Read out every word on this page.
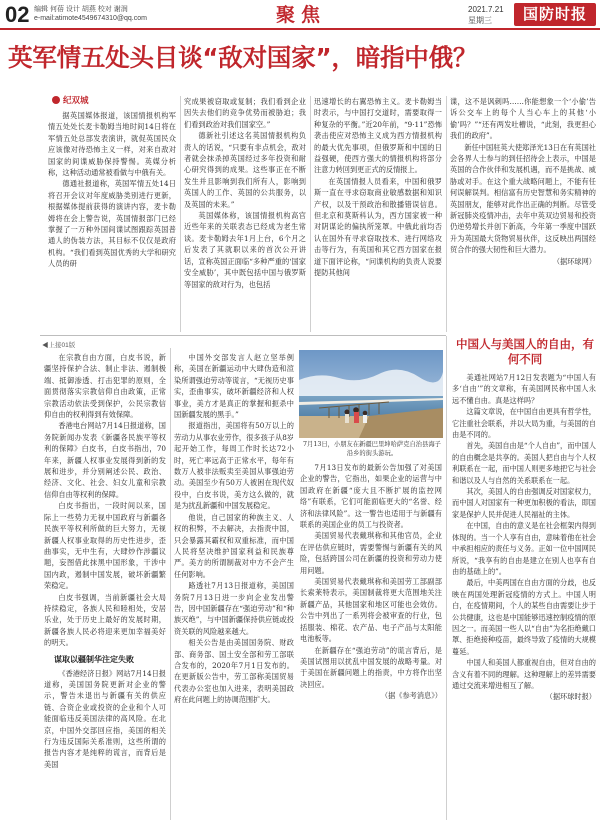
02 编辑 何蓓 设计 胡燕 校对 谢润
e-mail:atimote4549674310@qq.com	聚焦	2021.7.21
星期三	国防时报
英军情五处头目谈“敌对国家”，暗指中俄？
纪双城

据英国媒体报道，该国情报机构军情五处处长麦卡勒姆当地时间14日将在军情五处总部发表演讲，就促英国民众应该像对待恐怖主义一样，对来自敌对国家的间谍威胁保持警惕。英媒分析称，这种活动通常被看做与中俄有关。

德通社报道称，英国军情五处14日将召开会议对年度威胁类别进行更新，根据媒体提前获得的演讲内容，麦卡勒姆将在会上警告说，英国情报部门已经掌握了一万种外国间谍试图跟踪英国普通人的伪装方法，其目标不仅仅是政府机构。“我们看到英国优秀的大学和研究人员的研

究成果被窃取或复制；我们看到企业因失去他们的竞争优势而被胁迫；我们看到政治对我们国家空。”

德新社引述这名英国情报机构负责人的话说，“只要有非点机会，敌对者就会抹杀掉英国经过多年投资和耐心研究得到的成果。这些事正在不断发生并且影响到我们所有人，影响到英国人的工作、英国的公共服务，以及英国的未来。”

英国媒体称，该国情报机构高官近些年来的关联表态已经成为老生常谈。麦卡勒姆去年1月上台，6个月之后发表了其就职以来的首次公开讲话，宣称英国正面临“多种严重的‘国家安全威胁’，其中既包括中国与俄罗斯等国家的敌对行为，也包括

迅速增长的右翼恐怖主义。麦卡勒姆当时表示，与中国打交道时，需要取得一种复杂的平衡。”近20年前，“9·11”恐怖袭击使应对恐怖主义成为西方情报机构的最大优先事项，但俄罗斯和中国的日益强硬，使西方强大的情报机构将部分注意力转回到更正式的反情报上。

在英国情报人员看来，中国和俄罗斯一直在寻求窃取商业敏感数据和知识产权，以及干预政治和散播错误信息。但北京和莫斯科认为，西方国家被一种对阴谋论的偏执所笼罩。中俄此前均否认在国外有寻求窃取技术、进行网络攻击等行为，有英国和其它西方国家在报道下面评论称，“问谍机构的负责人说要提防其他间

谍，这不是讽刺吗……你能想象一个‘小偷’告诉公交车上的每个人当心车上的其他‘小偷’吗？”“还有两发吐槽说，“此刻，我更担心我们的政府”。

新任中国驻英大使郑泽光13日在有英国社会各界人士参与的到任招待会上表示，中国是英国的合作伙伴和发展机遇，而不是挑战、威胁或对手。在这个重大战略问题上，不能有任何误解误判。相信富有历史智慧和务实精神的英国朋友，能够对此作出正确的判断。尽管受新冠肺炎疫情冲击，去年中英双边贸易和投资仍逆势增长并创下新高，今年第一季度中国跃升为英国最大货物贸易伙伴，这反映出两国经贸合作的强大韧性和巨大潜力。

（据环球网）

◀上接01版

在宗教自由方面，白皮书说，新疆坚持保护合法、制止非法、遏制极端、抵御渗透、打击犯罪的原则，全面贯彻落实宗教信仰自由政策，正常宗教活动依法受到保护，公民宗教信仰自由的权利得到有效保障。

香港电台网站7月14日报道称，国务院新闻办发表《新疆各民族平等权利的保障》白皮书，白皮书指出，70年来，新疆人权事业发展得到新的发展和进步，并分别阐述公民、政治、经济、文化、社会、妇女儿童和宗教信仰自由等权利的保障。

白皮书指出，一段时间以来，国际上一些势力无视中国政府与新疆各民族平等权利所做的巨大努力，无视新疆人权事业取得的历史性进步，歪曲事实，无中生有，大肆炒作涉疆议题，妄图借此抹黑中国形象，干涉中国内政，遏制中国发展，破坏新疆繁荣稳定。

白皮书强调，当前新疆社会大局持续稳定，各族人民和睦相处，安居乐业，处于历史上最好的发展时期，新疆各族人民必将迎来更加幸福美好的明天。

谋取以疆制华注定失败

《香港经济日报》网站7月14日报道称，美国国务院更新对企业的警示，警告未退出与新疆有关的供应链、合资企业或投资的企业和个人可能面临违反美国法律的高风险。在北京，中国外交部回应指，美国的相关行为违反国际关系准则，这些所谓的报告内容才是纯粹的谎言，而背后是美国

中国外交部发言人赵立坚举例称，美国在新疆运动中大肆伪造和渲染所谓强迫劳动等谎言，“无视历史事实，歪曲事实，破坏新疆经济和人权事业，美方才是真正的掌握和扼杀中国新疆发展的黑手。”

报道指出，美国将有50万以上的劳动力从事农业劳作，很多孩子从8岁起开始工作，每周工作时长达72小时，死亡率远高于正常水平，每年有数万人被非法贩卖至美国从事强迫劳动。美国至少有50万人被困在现代奴役中，白皮书说，美方这么做的，就是为扰乱新疆和中国发展稳定。

他说，自己国家的种族主义、人权的积弊，不去解决，去指责中国，只会暴露其霸权和双重标准，而中国人民将坚决维护国家利益和民族尊严。美方的所谓制裁对中方不会产生任何影响。

路透社7月13日报道称，美国国务院7月13日进一步向企业发出警告，因中国新疆存在“强迫劳动”和“种族灭绝”，与中国新疆保持供应链或投资关联的风险越来越大。

相关公告是由美国国务院、财政部、商务部、国土安全部和劳工部联合发布的，2020年7月1日发布的。在更新版公告中，劳工部称美国贸易代表办公室也加入进来，表明美国政府在此问题上的协调范围扩大。

7月13日，小朋友在新疆巴里坤哈萨克自治县海子沿乡的街头游玩。

7月13日发布的最新公告加强了对美国企业的警告，它指出，如果企业的运营与中国政府在新疆“庞大且不断扩展的监控网络”有联系，它们可能面临更大的“名誉、经济和法律风险”。这一警告也适用于与新疆有联系的美国企业的员工与投资者。

美国贸易代表戴琪称和其他官员，企业在评估供应链时，需要警惕与新疆有关的风险，包括跨国公司在新疆的投资和劳动力使用问题。

美国贸易代表戴琪称和美国劳工部副部长索莱特表示，美国制裁将更大范围地关注新疆产品，其他国家和地区可能也会效仿。公告中列出了一系列将会被审查的行业，包括服装、棉花、农产品、电子产品与太阳能电池板等。

在新疆存在“强迫劳动”的谎言背后，是美国试图用以扰乱中国发展的战略考量。对于美国在新疆问题上的指责，中方将作出坚决回应。

（据《参考消息》）

中国人与美国人的自由，有何不同

美通社网站7月12日发表题为“中国人有多‘自由’”的文章称，有美国网民称中国人永远不懂自由。真是这样吗？

这篇文章说，在中国自由更具有哲学性，它注重社会联系，并以大局为重，与美国的自由是不同的。

首先，美国自由是“个人自由”，而中国人的自由概念是共享的。美国人把自由与个人权利联系在一起，而中国人则更多地把它与社会和谐以及人与自然的关系联系在一起。

其次，美国人的自由强调反对国家权力，而中国人对国家有一种更加积极的看法，即国家是保护人民并促进人民福祉的主体。

在中国，自由的意义是在社会框架内得到体现的。当一个人享有自由，意味着他在社会中承担相应的责任与义务。正如一位中国网民所说，“我享有的自由是建立在别人也享有自由的基础上的”。

最后，中美两国在自由方面的分歧，也反映在两国处理新冠疫情的方式上。中国人明白，在疫情期间，个人的某些自由需要让步于公共健康，这也是中国能够迅速控制疫情的原因之一。而美国一些人以“自由”为名拒绝戴口罩、拒绝接种疫苗，最终导致了疫情的大规模蔓延。

中国人和美国人都重视自由，但对自由的含义有着不同的理解。这种理解上的差异需要通过交流来增进相互了解。

（据环球时报）
